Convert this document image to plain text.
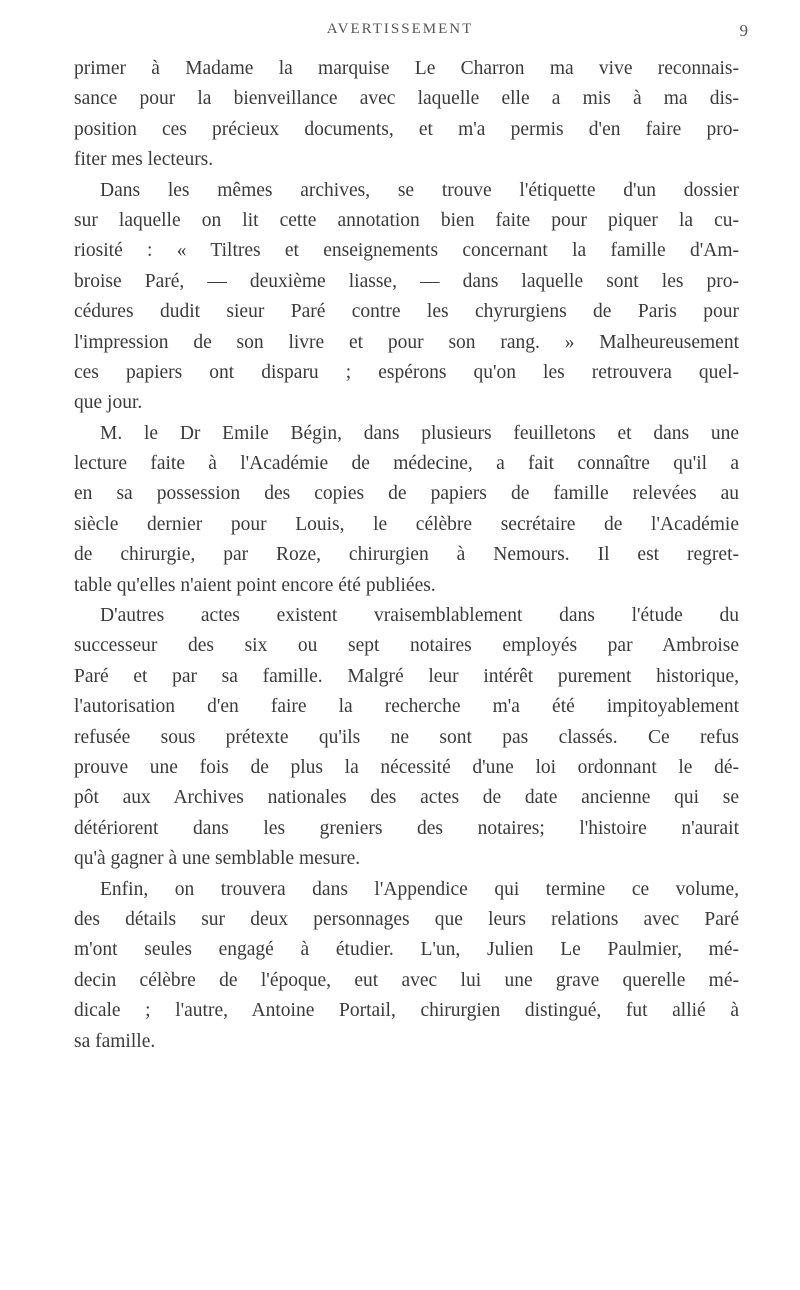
AVERTISSEMENT	9
primer à Madame la marquise Le Charron ma vive reconnais-
sance pour la bienveillance avec laquelle elle a mis à ma dis-
position ces précieux documents, et m'a permis d'en faire pro-
fiter mes lecteurs.
Dans les mêmes archives, se trouve l'étiquette d'un dossier
sur laquelle on lit cette annotation bien faite pour piquer la cu-
riosité : « Tiltres et enseignements concernant la famille d'Am-
broise Paré, — deuxième liasse, — dans laquelle sont les pro-
cédures dudit sieur Paré contre les chyrurgiens de Paris pour
l'impression de son livre et pour son rang. » Malheureusement
ces papiers ont disparu ; espérons qu'on les retrouvera quel-
que jour.
M. le Dr Emile Bégin, dans plusieurs feuilletons et dans une
lecture faite à l'Académie de médecine, a fait connaître qu'il a
en sa possession des copies de papiers de famille relevées au
siècle dernier pour Louis, le célèbre secrétaire de l'Académie
de chirurgie, par Roze, chirurgien à Nemours. Il est regret-
table qu'elles n'aient point encore été publiées.
D'autres actes existent vraisemblablement dans l'étude du
successeur des six ou sept notaires employés par Ambroise
Paré et par sa famille. Malgré leur intérêt purement historique,
l'autorisation d'en faire la recherche m'a été impitoyablement
refusée sous prétexte qu'ils ne sont pas classés. Ce refus
prouve une fois de plus la nécessité d'une loi ordonnant le dé-
pôt aux Archives nationales des actes de date ancienne qui se
détériorent dans les greniers des notaires; l'histoire n'aurait
qu'à gagner à une semblable mesure.
Enfin, on trouvera dans l'Appendice qui termine ce volume,
des détails sur deux personnages que leurs relations avec Paré
m'ont seules engagé à étudier. L'un, Julien Le Paulmier, mé-
decin célèbre de l'époque, eut avec lui une grave querelle mé-
dicale ; l'autre, Antoine Portail, chirurgien distingué, fut allié à
sa famille.
